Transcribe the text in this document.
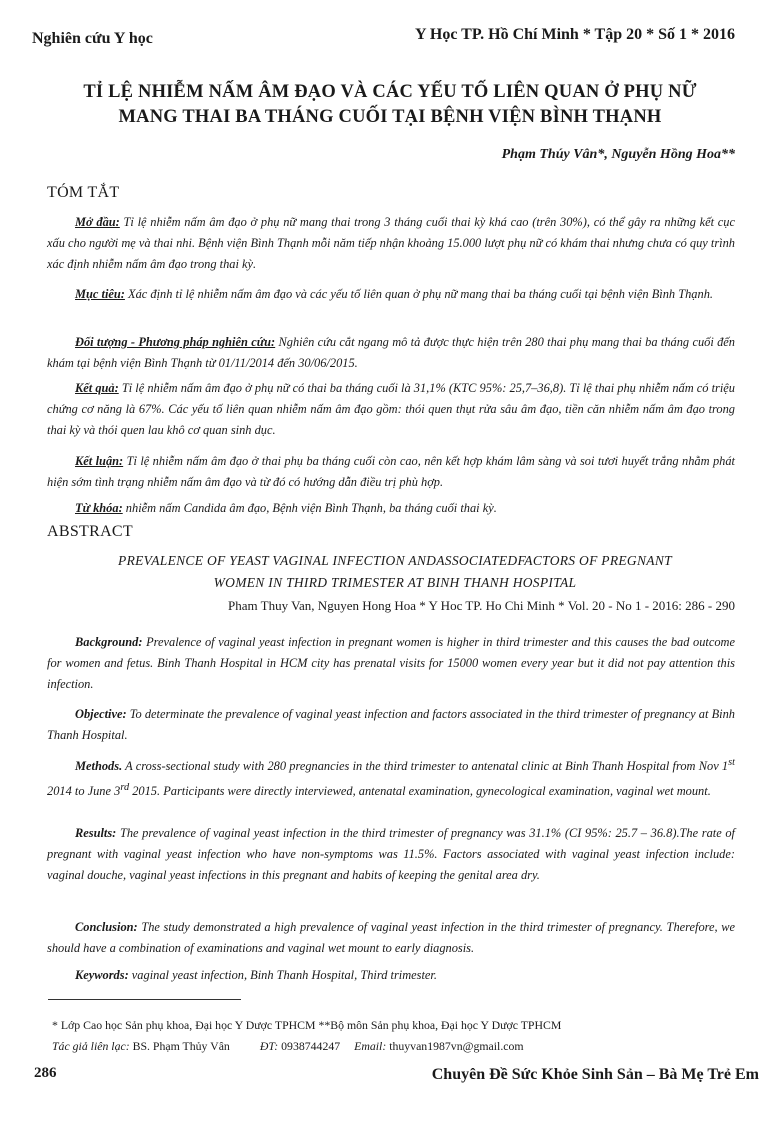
Nghiên cứu Y học	Y Học TP. Hồ Chí Minh * Tập 20 * Số 1 * 2016
TỈ LỆ NHIỄM NẤM ÂM ĐẠO VÀ CÁC YẾU TỐ LIÊN QUAN Ở PHỤ NỮ
MANG THAI BA THÁNG CUỐI TẠI BỆNH VIỆN BÌNH THẠNH
Phạm Thúy Vân*, Nguyễn Hồng Hoa**
TÓM TẮT
Mở đầu: Tỉ lệ nhiễm nấm âm đạo ở phụ nữ mang thai trong 3 tháng cuối thai kỳ khá cao (trên 30%), có thể gây ra những kết cục xấu cho người mẹ và thai nhi. Bệnh viện Bình Thạnh mỗi năm tiếp nhận khoảng 15.000 lượt phụ nữ có khám thai nhưng chưa có quy trình xác định nhiễm nấm âm đạo trong thai kỳ.
Mục tiêu: Xác định tỉ lệ nhiễm nấm âm đạo và các yếu tố liên quan ở phụ nữ mang thai ba tháng cuối tại bệnh viện Bình Thạnh.
Đối tượng - Phương pháp nghiên cứu: Nghiên cứu cắt ngang mô tả được thực hiện trên 280 thai phụ mang thai ba tháng cuối đến khám tại bệnh viện Bình Thạnh từ 01/11/2014 đến 30/06/2015.
Kết quả: Tỉ lệ nhiễm nấm âm đạo ở phụ nữ có thai ba tháng cuối là 31,1% (KTC 95%: 25,7–36,8). Tỉ lệ thai phụ nhiễm nấm có triệu chứng cơ năng là 67%. Các yếu tố liên quan nhiễm nấm âm đạo gồm: thói quen thụt rửa sâu âm đạo, tiền căn nhiễm nấm âm đạo trong thai kỳ và thói quen lau khô cơ quan sinh dục.
Kết luận: Tỉ lệ nhiễm nấm âm đạo ở thai phụ ba tháng cuối còn cao, nên kết hợp khám lâm sàng và soi tươi huyết trắng nhằm phát hiện sớm tình trạng nhiễm nấm âm đạo và từ đó có hướng dẫn điều trị phù hợp.
Từ khóa: nhiễm nấm Candida âm đạo, Bệnh viện Bình Thạnh, ba tháng cuối thai kỳ.
ABSTRACT
PREVALENCE OF YEAST VAGINAL INFECTION ANDASSOCIATEDFACTORS OF PREGNANT
WOMEN IN THIRD TRIMESTER AT BINH THANH HOSPITAL
Pham Thuy Van, Nguyen Hong Hoa * Y Hoc TP. Ho Chi Minh * Vol. 20 - No 1 - 2016: 286 - 290
Background: Prevalence of vaginal yeast infection in pregnant women is higher in third trimester and this causes the bad outcome for women and fetus. Binh Thanh Hospital in HCM city has prenatal visits for 15000 women every year but it did not pay attention this infection.
Objective: To determinate the prevalence of vaginal yeast infection and factors associated in the third trimester of pregnancy at Binh Thanh Hospital.
Methods. A cross-sectional study with 280 pregnancies in the third trimester to antenatal clinic at Binh Thanh Hospital from Nov 1st 2014 to June 3rd 2015. Participants were directly interviewed, antenatal examination, gynecological examination, vaginal wet mount.
Results: The prevalence of vaginal yeast infection in the third trimester of pregnancy was 31.1% (CI 95%: 25.7 – 36.8).The rate of pregnant with vaginal yeast infection who have non-symptoms was 11.5%. Factors associated with vaginal yeast infection include: vaginal douche, vaginal yeast infections in this pregnant and habits of keeping the genital area dry.
Conclusion: The study demonstrated a high prevalence of vaginal yeast infection in the third trimester of pregnancy. Therefore, we should have a combination of examinations and vaginal wet mount to early diagnosis.
Keywords: vaginal yeast infection, Binh Thanh Hospital, Third trimester.
* Lớp Cao học Sản phụ khoa, Đại học Y Dược TPHCM **Bộ môn Sản phụ khoa, Đại học Y Dược TPHCM
Tác giả liên lạc: BS. Phạm Thủy Vân	ĐT: 0938744247 Email: thuyvan1987vn@gmail.com
286	Chuyên Đề Sức Khỏe Sinh Sản – Bà Mẹ Trẻ Em
